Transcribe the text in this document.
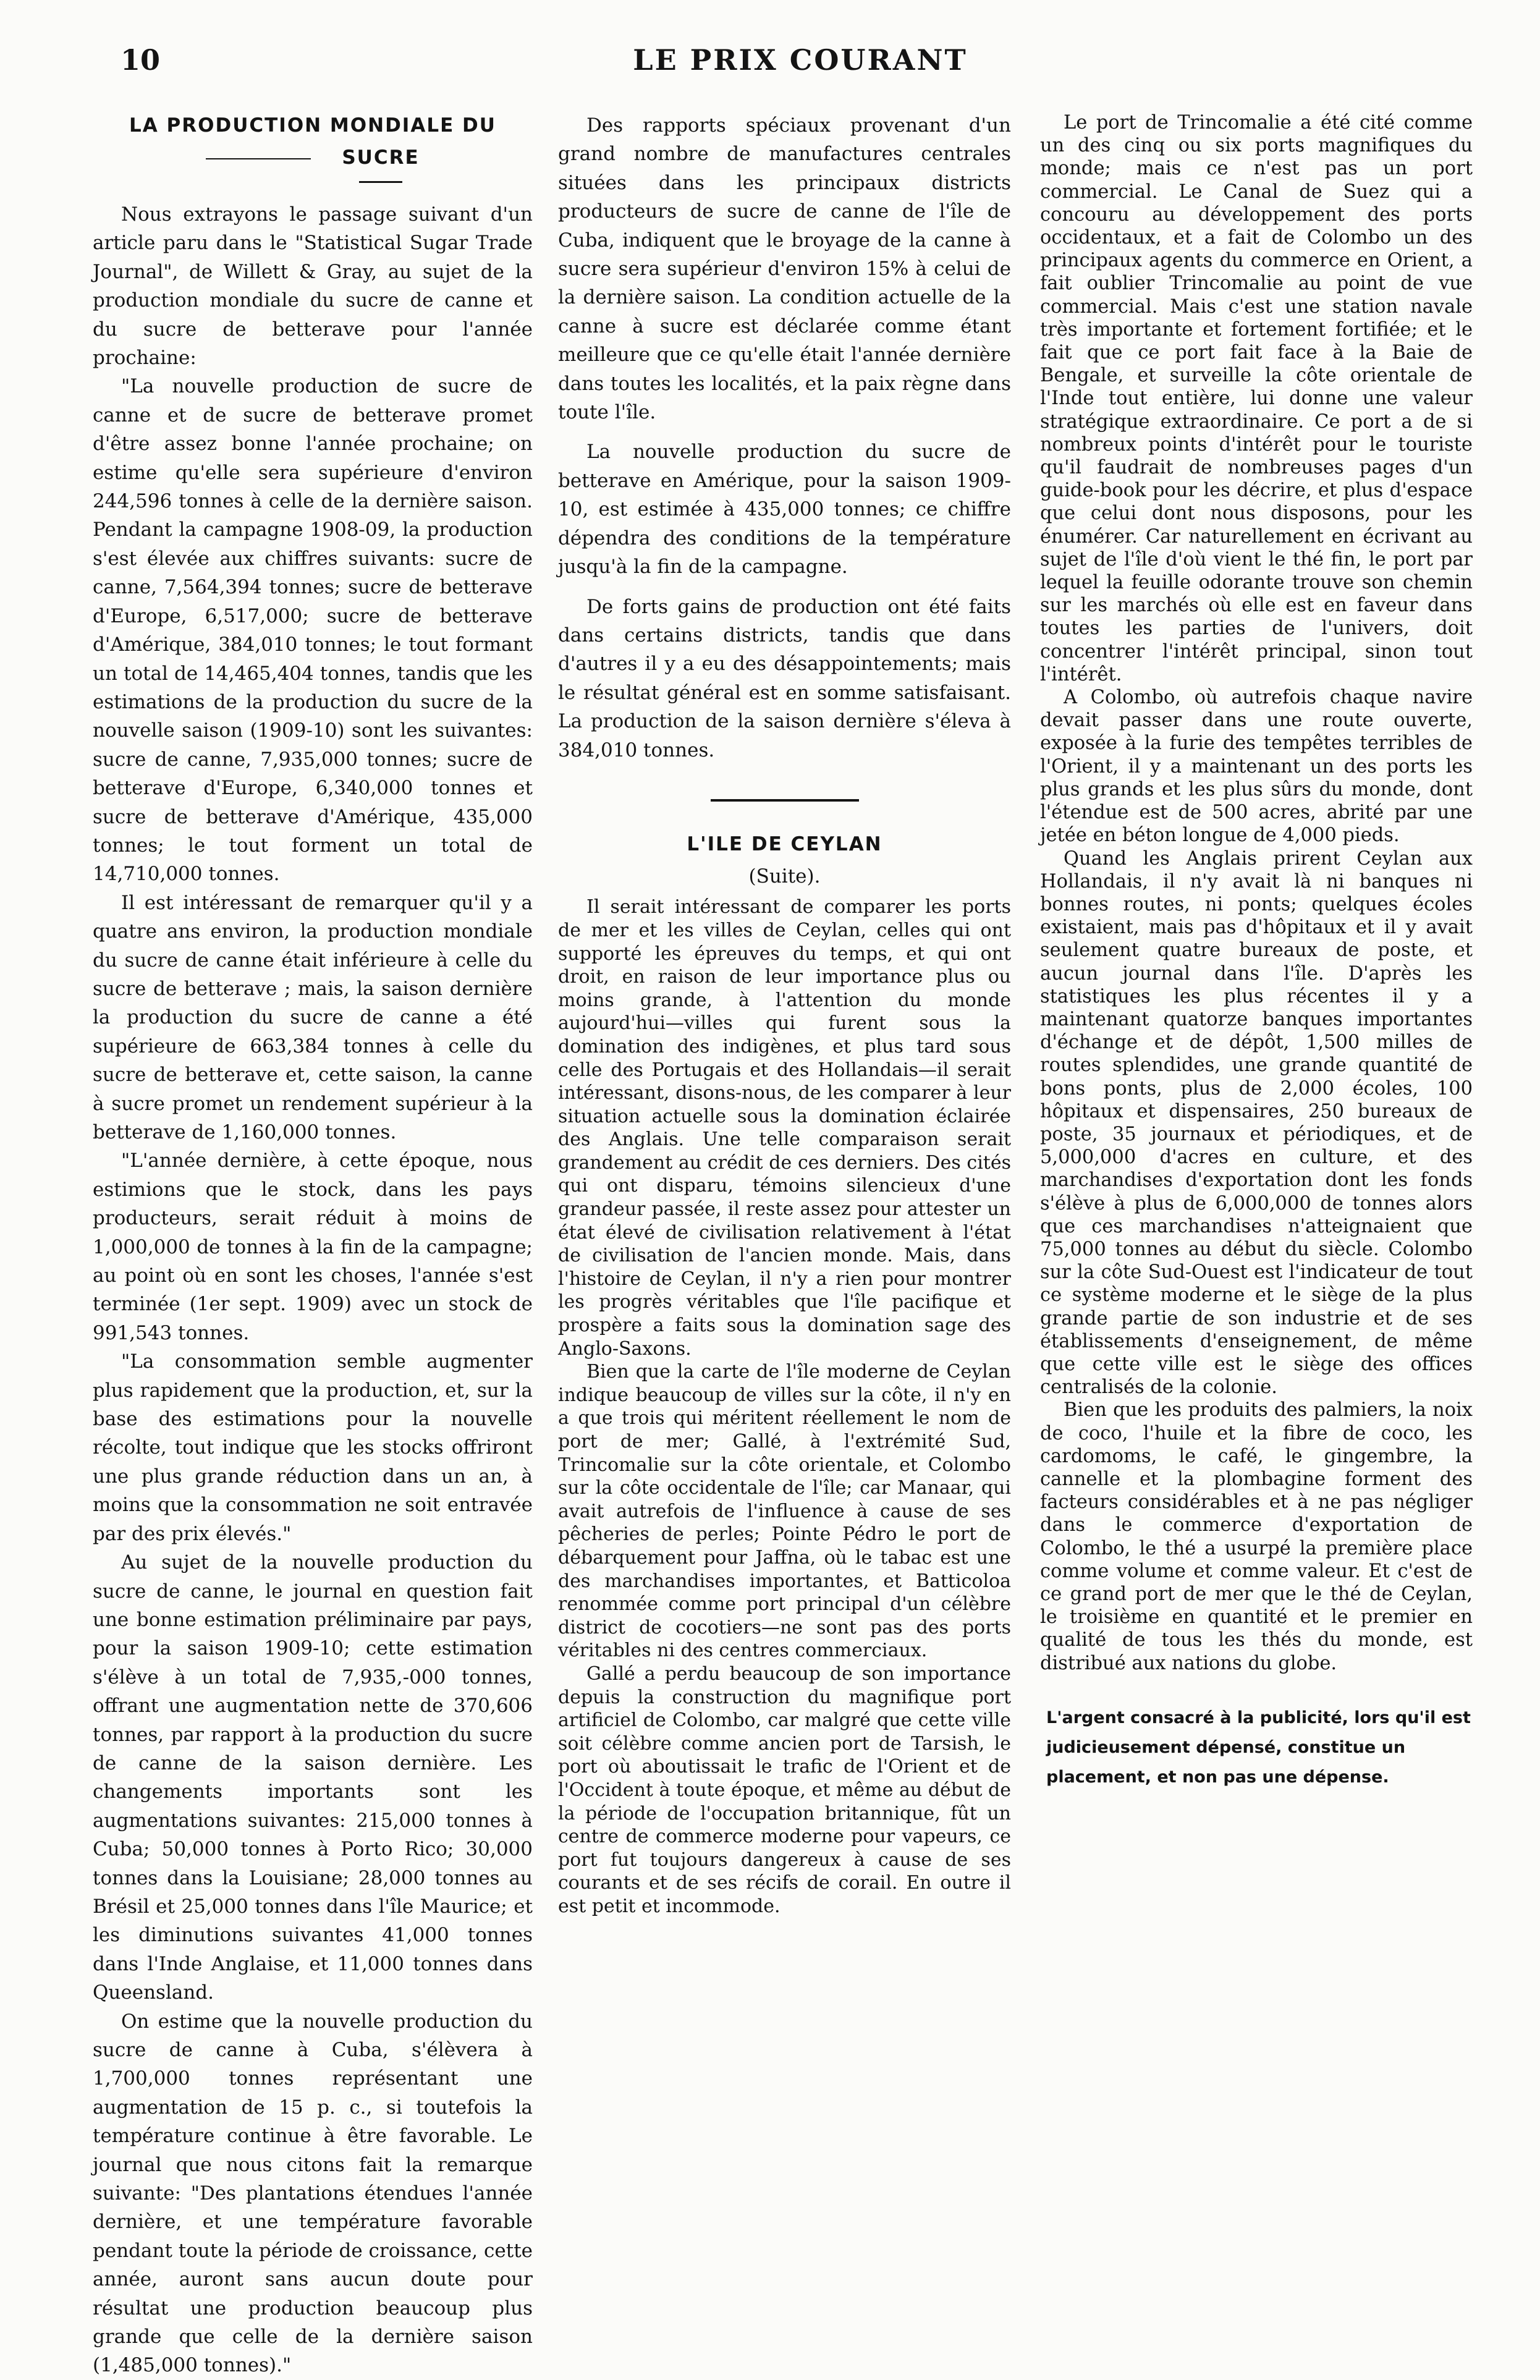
10	LE PRIX COURANT
LA PRODUCTION MONDIALE DU
SUCRE

Nous extrayons le passage suivant d'un article paru dans le "Statistical Sugar Trade Journal", de Willett & Gray, au sujet de la production mondiale du sucre de canne et du sucre de betterave pour l'année prochaine:

"La nouvelle production de sucre de canne et de sucre de betterave promet d'être assez bonne l'année prochaine; on estime qu'elle sera supérieure d'environ 244,596 tonnes à celle de la dernière saison. Pendant la campagne 1908-09, la production s'est élevée aux chiffres suivants: sucre de canne, 7,564,394 tonnes; sucre de betterave d'Europe, 6,517,000; sucre de betterave d'Amérique, 384,010 tonnes; le tout formant un total de 14,465,404 tonnes, tandis que les estimations de la production du sucre de la nouvelle saison (1909-10) sont les suivantes: sucre de canne, 7,935,000 tonnes; sucre de betterave d'Europe, 6,340,000 tonnes et sucre de betterave d'Amérique, 435,000 tonnes; le tout forment un total de 14,710,000 tonnes.

Il est intéressant de remarquer qu'il y a quatre ans environ, la production mondiale du sucre de canne était inférieure à celle du sucre de betterave ; mais, la saison dernière la production du sucre de canne a été supérieure de 663,384 tonnes à celle du sucre de betterave et, cette saison, la canne à sucre promet un rendement supérieur à la betterave de 1,160,000 tonnes.

"L'année dernière, à cette époque, nous estimions que le stock, dans les pays producteurs, serait réduit à moins de 1,000,000 de tonnes à la fin de la campagne; au point où en sont les choses, l'année s'est terminée (1er sept. 1909) avec un stock de 991,543 tonnes.

"La consommation semble augmenter plus rapidement que la production, et, sur la base des estimations pour la nouvelle récolte, tout indique que les stocks offriront une plus grande réduction dans un an, à moins que la consommation ne soit entravée par des prix élevés."

Au sujet de la nouvelle production du sucre de canne, le journal en question fait une bonne estimation préliminaire par pays, pour la saison 1909-10; cette estimation s'élève à un total de 7,935,-000 tonnes, offrant une augmentation nette de 370,606 tonnes, par rapport à la production du sucre de canne de la saison dernière. Les changements importants sont les augmentations suivantes: 215,000 tonnes à Cuba; 50,000 tonnes à Porto Rico; 30,000 tonnes dans la Louisiane; 28,000 tonnes au Brésil et 25,000 tonnes dans l'île Maurice; et les diminutions suivantes 41,000 tonnes dans l'Inde Anglaise, et 11,000 tonnes dans Queensland.

On estime que la nouvelle production du sucre de canne à Cuba, s'élèvera à 1,700,000 tonnes représentant une augmentation de 15 p. c., si toutefois la température continue à être favorable. Le journal que nous citons fait la remarque suivante: "Des plantations étendues l'année dernière, et une température favorable pendant toute la période de croissance, cette année, auront sans aucun doute pour résultat une production beaucoup plus grande que celle de la dernière saison (1,485,000 tonnes)."

Des rapports spéciaux provenant d'un grand nombre de manufactures centrales situées dans les principaux districts producteurs de sucre de canne de l'île de Cuba, indiquent que le broyage de la canne à sucre sera supérieur d'environ 15% à celui de la dernière saison. La condition actuelle de la canne à sucre est déclarée comme étant meilleure que ce qu'elle était l'année dernière dans toutes les localités, et la paix règne dans toute l'île.

La nouvelle production du sucre de betterave en Amérique, pour la saison 1909-10, est estimée à 435,000 tonnes; ce chiffre dépendra des conditions de la température jusqu'à la fin de la campagne.

De forts gains de production ont été faits dans certains districts, tandis que dans d'autres il y a eu des désappointements; mais le résultat général est en somme satisfaisant. La production de la saison dernière s'éleva à 384,010 tonnes.

L'ILE DE CEYLAN
(Suite).

Il serait intéressant de comparer les ports de mer et les villes de Ceylan, celles qui ont supporté les épreuves du temps, et qui ont droit, en raison de leur importance plus ou moins grande, à l'attention du monde aujourd'hui—villes qui furent sous la domination des indigènes, et plus tard sous celle des Portugais et des Hollandais—il serait intéressant, disons-nous, de les comparer à leur situation actuelle sous la domination éclairée des Anglais. Une telle comparaison serait grandement au crédit de ces derniers. Des cités qui ont disparu, témoins silencieux d'une grandeur passée, il reste assez pour attester un état élevé de civilisation relativement à l'état de civilisation de l'ancien monde. Mais, dans l'histoire de Ceylan, il n'y a rien pour montrer les progrès véritables que l'île pacifique et prospère a faits sous la domination sage des Anglo-Saxons.

Bien que la carte de l'île moderne de Ceylan indique beaucoup de villes sur la côte, il n'y en a que trois qui méritent réellement le nom de port de mer; Gallé, à l'extrémité Sud, Trincomalie sur la côte orientale, et Colombo sur la côte occidentale de l'île; car Manaar, qui avait autrefois de l'influence à cause de ses pêcheries de perles; Pointe Pédro le port de débarquement pour Jaffna, où le tabac est une des marchandises importantes, et Batticoloa renommée comme port principal d'un célèbre district de cocotiers—ne sont pas des ports véritables ni des centres commerciaux.

Gallé a perdu beaucoup de son importance depuis la construction du magnifique port artificiel de Colombo, car malgré que cette ville soit célèbre comme ancien port de Tarsish, le port où aboutissait le trafic de l'Orient et de l'Occident à toute époque, et même au début de la période de l'occupation britannique, fût un centre de commerce moderne pour vapeurs, ce port fut toujours dangereux à cause de ses courants et de ses récifs de corail. En outre il est petit et incommode.

Le port de Trincomalie a été cité comme un des cinq ou six ports magnifiques du monde; mais ce n'est pas un port commercial. Le Canal de Suez qui a concouru au développement des ports occidentaux, et a fait de Colombo un des principaux agents du commerce en Orient, a fait oublier Trincomalie au point de vue commercial. Mais c'est une station navale très importante et fortement fortifiée; et le fait que ce port fait face à la Baie de Bengale, et surveille la côte orientale de l'Inde tout entière, lui donne une valeur stratégique extraordinaire. Ce port a de si nombreux points d'intérêt pour le touriste qu'il faudrait de nombreuses pages d'un guide-book pour les décrire, et plus d'espace que celui dont nous disposons, pour les énumérer. Car naturellement en écrivant au sujet de l'île d'où vient le thé fin, le port par lequel la feuille odorante trouve son chemin sur les marchés où elle est en faveur dans toutes les parties de l'univers, doit concentrer l'intérêt principal, sinon tout l'intérêt.

A Colombo, où autrefois chaque navire devait passer dans une route ouverte, exposée à la furie des tempêtes terribles de l'Orient, il y a maintenant un des ports les plus grands et les plus sûrs du monde, dont l'étendue est de 500 acres, abrité par une jetée en béton longue de 4,000 pieds.

Quand les Anglais prirent Ceylan aux Hollandais, il n'y avait là ni banques ni bonnes routes, ni ponts; quelques écoles existaient, mais pas d'hôpitaux et il y avait seulement quatre bureaux de poste, et aucun journal dans l'île. D'après les statistiques les plus récentes il y a maintenant quatorze banques importantes d'échange et de dépôt, 1,500 milles de routes splendides, une grande quantité de bons ponts, plus de 2,000 écoles, 100 hôpitaux et dispensaires, 250 bureaux de poste, 35 journaux et périodiques, et de 5,000,000 d'acres en culture, et des marchandises d'exportation dont les fonds s'élève à plus de 6,000,000 de tonnes alors que ces marchandises n'atteignaient que 75,000 tonnes au début du siècle. Colombo sur la côte Sud-Ouest est l'indicateur de tout ce système moderne et le siège de la plus grande partie de son industrie et de ses établissements d'enseignement, de même que cette ville est le siège des offices centralisés de la colonie.

Bien que les produits des palmiers, la noix de coco, l'huile et la fibre de coco, les cardomoms, le café, le gingembre, la cannelle et la plombagine forment des facteurs considérables et à ne pas négliger dans le commerce d'exportation de Colombo, le thé a usurpé la première place comme volume et comme valeur. Et c'est de ce grand port de mer que le thé de Ceylan, le troisième en quantité et le premier en qualité de tous les thés du monde, est distribué aux nations du globe.

L'argent consacré à la publicité, lors qu'il est judicieusement dépensé, constitue un placement, et non pas une dépense.
